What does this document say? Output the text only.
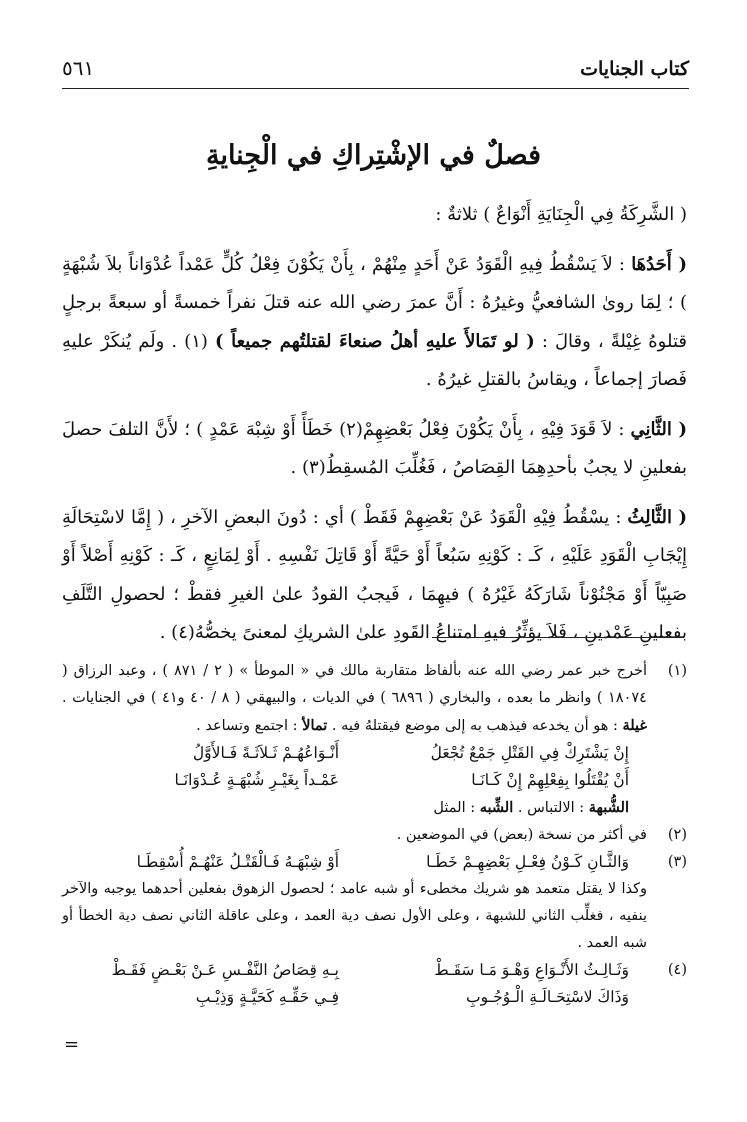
كتاب الجنايات
٥٦١
فصلٌ في الإشْتِراكِ في الْجِنايةِ

( الشَّرِكَةُ فِي الْجِنَايَةِ أَنْوَاعٌ ) ثلاثةٌ :

( أَحَدُهَا : لاَ يَسْقُطُ فِيهِ الْقَوَدُ عَنْ أَحَدٍ مِنْهُمْ ، بِأَنْ يَكُوْنَ فِعْلُ كُلٍّ عَمْداً عُدْوَاناً بلاَ شُبْهَةٍ ) ؛ لِمَا روىٰ الشافعيُّ وغيرُهُ : أَنَّ عمرَ رضي الله عنه قتلَ نفراً خمسةً أو سبعةً برجلٍ قتلوهُ غِيْلةً ، وقالَ : ( لو تَمَالأَ عليهِ أهلُ صنعاءَ لقتلتُهم جميعاً ) (١) . ولَم يُنكَرْ عليهِ فَصارَ إجماعاً ، ويقاسُ بالقتلِ غيرُهُ .

( الثَّانِي : لاَ قَوَدَ فِيْهِ ، بِأَنْ يَكُوْنَ فِعْلُ بَعْضِهِمْ(٢) خَطَأً أَوْ شِبْهَ عَمْدٍ ) ؛ لأَنَّ التلفَ حصلَ بفعلينِ لا يجبُ بأحدِهِمَا القِصَاصُ ، فَغُلِّبَ المُسقِطُ(٣) .

( الثَّالِثُ : يسْقُطُ فِيْهِ الْقَوَدُ عَنْ بَعْضِهِمْ فَقَطْ ) أي : دُونَ البعضِ الآخرِ ، ( إِمَّا لاسْتِحَالَةِ إِيْجَابِ الْقَوَدِ عَلَيْهِ ، كَـ : كَوْنِهِ سَبُعاً أَوْ حَيَّةً أَوْ قَاتِلَ نَفْسِهِ . أَوْ لِمَانِعٍ ، كَـ : كَوْنِهِ أَصْلاً أَوْ صَبِيّاً أَوْ مَجْنُوْناً شَارَكَهُ غَيْرُهُ ) فيهِمَا ، فَيجبُ القودُ علىٰ الغيرِ فقطْ ؛ لحصولِ التَّلَفِ بفعلينِ عَمْدينِ ، فَلاَ يؤثِّرُ فيهِ امتناعُ القَودِ علىٰ الشريكِ لمعنىً يخصُّهُ(٤) .

(١)

أخرج خبر عمر رضي الله عنه بألفاظ متقاربة مالك في « الموطأ » ( ٢ / ٨٧١ ) ، وعبد الرزاق ( ١٨٠٧٤ ) وانظر ما بعده ، والبخاري ( ٦٨٩٦ ) في الديات ، والبيهقي ( ٨ / ٤٠ و٤١ ) في الجنايات . غيلة : هو أن يخدعه فيذهب به إلى موضع فيقتلهُ فيه . تمالأ : اجتمع وتساعد .

إِنْ يَشْتَرِكْ فِي القَتْلِ جَمْعٌ تُجْعَلُ
أَنْـوَاعُهُـمْ ثَـلاَثَـةً فَـالأَوَّلُ
أَنْ يُقْتَلُوا بِفِعْلِهِمْ إِنْ كَـانَـا
عَمْـداً بِغَيْـرِ شُبْهَـةٍ عُـدْوَانَـا
الشُّبهة : الالتباس . الشِّبه : المثل
(٢)
في أكثر من نسخة (بعض) في الموضعين .
(٣)
وَالثَّـانِ كَـوْنُ فِعْـلِ بَعْضِهِـمْ خَطَـا
أَوْ شِبْهَـهُ فَـالْقَتْـلُ عَنْهُـمْ أُسْقِطَـا

وكذا لا يقتل متعمد هو شريك مخطىء أو شبه عامد ؛ لحصول الزهوق بفعلين أحدهما يوجبه والآخر ينفيه ، فغلِّب الثاني للشبهة ، وعلى الأول نصف دية العمد ، وعلى عاقلة الثاني نصف دية الخطأ أو شبه العمد .

(٤)
وَثَـالِـثُ الأَنْـوَاعِ وَهْـوَ مَـا سَقَـطْ
بِـهِ قِصَاصُ النَّفْـسِ عَـنْ بَعْـضٍ فَقَـطْ
وَذَاكَ لاسْتِحَـالَـةِ الْـوُجُـوبِ
فِـي حَقِّـهِ كَحَيَّـةٍ وَذِيْـبِ
=
